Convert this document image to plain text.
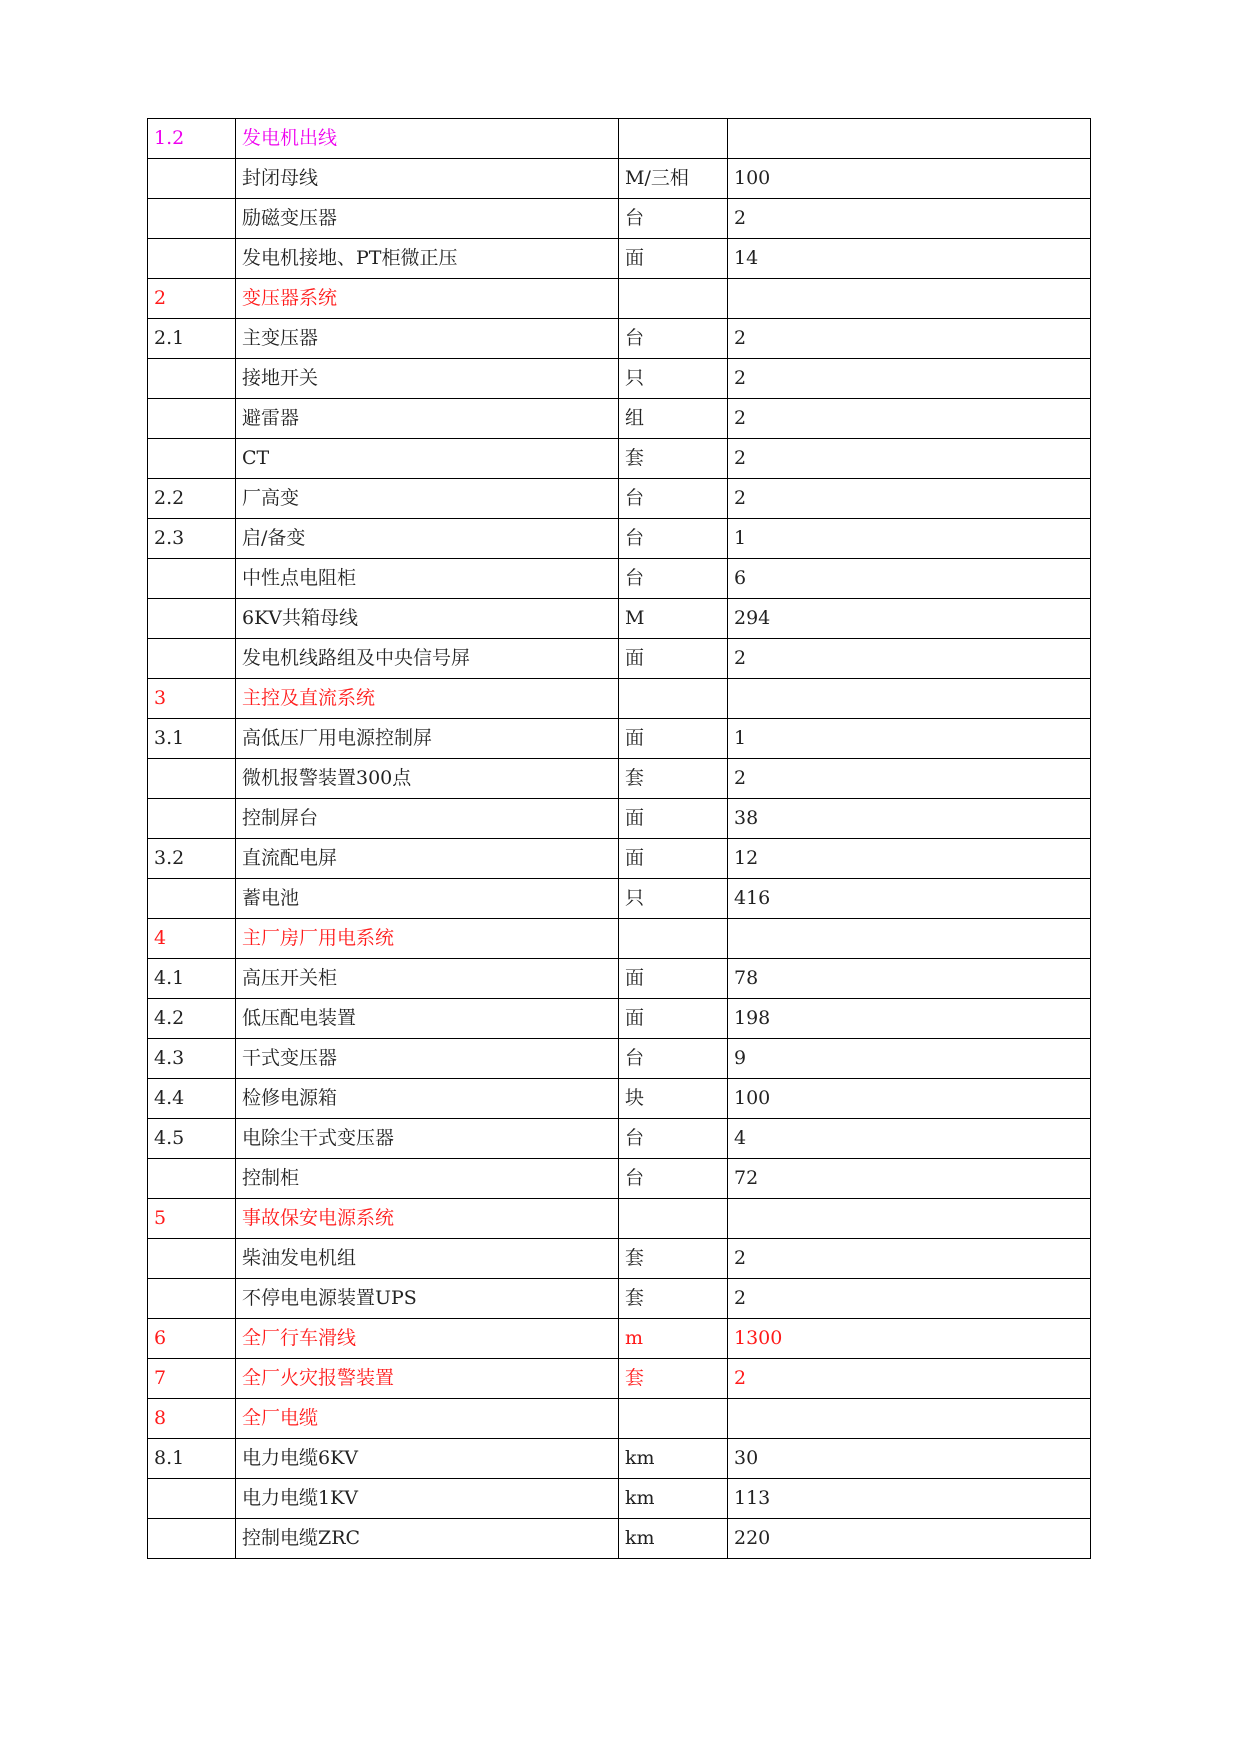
1.2	发电机出线		
	封闭母线	M/三相	100
	励磁变压器	台	2
	发电机接地、PT柜微正压	面	14
2	变压器系统		
2.1	主变压器	台	2
	接地开关	只	2
	避雷器	组	2
	CT	套	2
2.2	厂高变	台	2
2.3	启/备变	台	1
	中性点电阻柜	台	6
	6KV共箱母线	M	294
	发电机线路组及中央信号屏	面	2
3	主控及直流系统		
3.1	高低压厂用电源控制屏	面	1
	微机报警装置300点	套	2
	控制屏台	面	38
3.2	直流配电屏	面	12
	蓄电池	只	416
4	主厂房厂用电系统		
4.1	高压开关柜	面	78
4.2	低压配电装置	面	198
4.3	干式变压器	台	9
4.4	检修电源箱	块	100
4.5	电除尘干式变压器	台	4
	控制柜	台	72
5	事故保安电源系统		
	柴油发电机组	套	2
	不停电电源装置UPS	套	2
6	全厂行车滑线	m	1300
7	全厂火灾报警装置	套	2
8	全厂电缆		
8.1	电力电缆6KV	km	30
	电力电缆1KV	km	113
	控制电缆ZRC	km	220
